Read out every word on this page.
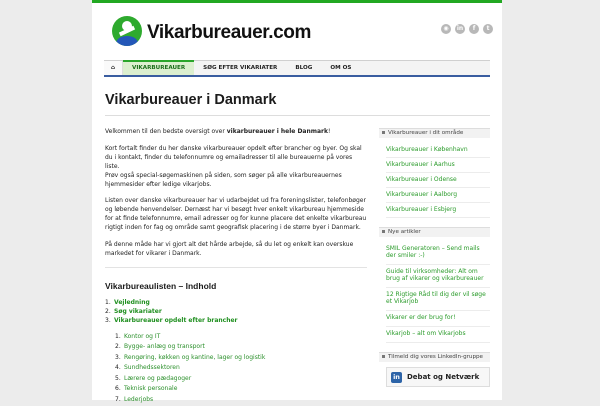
Vikarbureauer.com	◉	in	f	t
⌂	VIKARBUREAUER	SØG EFTER VIKARIATER	BLOG	OM OS
Vikarbureauer i Danmark

Velkommen til den bedste oversigt over vikarbureauer i hele Danmark!

Kort fortalt finder du her danske vikarbureauer opdelt efter brancher og byer. Og skal du i kontakt, finder du telefonnumre og emailadresser til alle bureauerne på vores liste.
Prøv også special-søgemaskinen på siden, som søger på alle vikarbureauernes hjemmesider efter ledige vikarjobs.

Listen over danske vikarbureauer har vi udarbejdet ud fra foreningslister, telefonbøger og løbende henvendelser. Dernæst har vi besøgt hver enkelt vikarbureau hjemmeside for at finde telefonnumre, email adresser og for kunne placere det enkelte vikarbureau rigtigt inden for fag og område samt geografisk placering i de større byer i Danmark.

På denne måde har vi gjort alt det hårde arbejde, så du let og enkelt kan overskue markedet for vikarer i Danmark.

Vikarbureaulisten – Indhold
1. Vejledning
2. Søg vikariater
3. Vikarbureauer opdelt efter brancher
1. Kontor og IT
2. Bygge- anlæg og transport
3. Rengøring, køkken og kantine, lager og logistik
4. Sundhedssektoren
5. Lærere og pædagoger
6. Teknisk personale
7. Lederjobs
Vikarbureauer i dit område
Vikarbureauer i København
Vikarbureauer i Aarhus
Vikarbureauer i Odense
Vikarbureauer i Aalborg
Vikarbureauer i Esbjerg
Nye artikler
SMIL Generatoren – Send mails der smiler :-)
Guide til virksomheder: Alt om brug af vikarer og vikarbureauer
12 Rigtige Råd til dig der vil søge et Vikarjob
Vikarer er der brug for!
Vikarjob – alt om Vikarjobs
Tilmeld dig vores LinkedIn-gruppe
in Debat og Netværk
